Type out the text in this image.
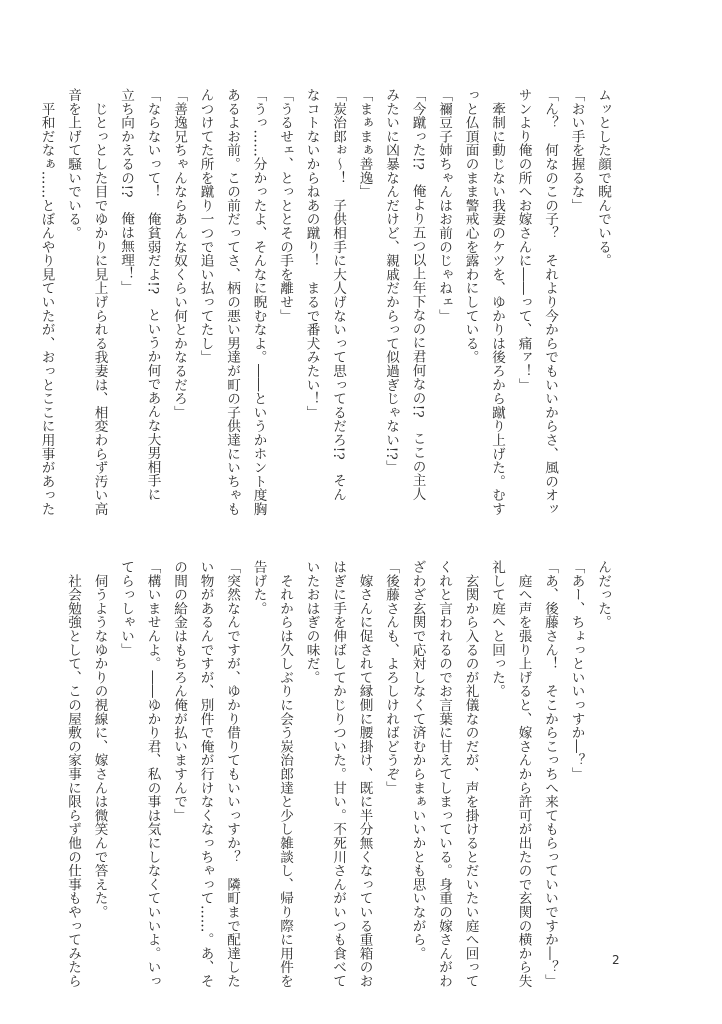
ムッとした顔で睨んでいる。

「おい手を握るな」

「ん？　何なのこの子？　それより今からでもいいからさ、風のオッ

サンより俺の所へお嫁さんに――って、痛ァ！」

　牽制に動じない我妻のケツを、ゆかりは後ろから蹴り上げた。むす

っと仏頂面のまま警戒心を露わにしている。

「禰豆子姉ちゃんはお前のじゃねェ」

「今蹴った!?　俺より五つ以上年下なのに君何なの!?　ここの主人

みたいに凶暴なんだけど、親戚だからって似過ぎじゃない!?」

「まぁまぁ善逸」

「炭治郎ぉ～！　子供相手に大人げないって思ってるだろ!?　そん

なコトないからねあの蹴り！　まるで番犬みたい！」

「うるせェ、とっととその手を離せ」

「うっ……分かったよ、そんなに睨むなよ。――というかホント度胸

あるよお前。この前だってさ、柄の悪い男達が町の子供達にいちゃも

んつけてた所を蹴り一つで追い払ってたし」

「善逸兄ちゃんならあんな奴くらい何とかなるだろ」

「ならないって！　俺貧弱だよ!?　というか何であんな大男相手に

立ち向かえるの!?　俺は無理！」

　じとっとした目でゆかりに見上げられる我妻は、相変わらず汚い高

音を上げて騒いでいる。

　平和だなぁ……とぼんやり見ていたが、おっとここに用事があった

んだった。

「あー、ちょっといいっすか―？」

「あ、後藤さん！　そこからこっちへ来てもらっていいですか―？」

　庭へ声を張り上げると、嫁さんから許可が出たので玄関の横から失

礼して庭へと回った。

　玄関から入るのが礼儀なのだが、声を掛けるとだいたい庭へ回って

くれと言われるのでお言葉に甘えてしまっている。身重の嫁さんがわ

ざわざ玄関で応対しなくて済むからまぁいいかとも思いながら。

「後藤さんも、よろしければどうぞ」

　嫁さんに促されて縁側に腰掛け、既に半分無くなっている重箱のお

はぎに手を伸ばしてかじりついた。甘い。不死川さんがいつも食べて

いたおはぎの味だ。

　それからは久しぶりに会う炭治郎達と少し雑談し、帰り際に用件を

告げた。

「突然なんですが、ゆかり借りてもいいっすか？　隣町まで配達した

い物があるんですが、別件で俺が行けなくなっちゃって……。あ、そ

の間の給金はもちろん俺が払いますんで」

「構いませんよ。――ゆかり君、私の事は気にしなくていいよ。いっ

てらっしゃい」

　伺うようなゆかりの視線に、嫁さんは微笑んで答えた。

　社会勉強として、この屋敷の家事に限らず他の仕事もやってみたら	2
